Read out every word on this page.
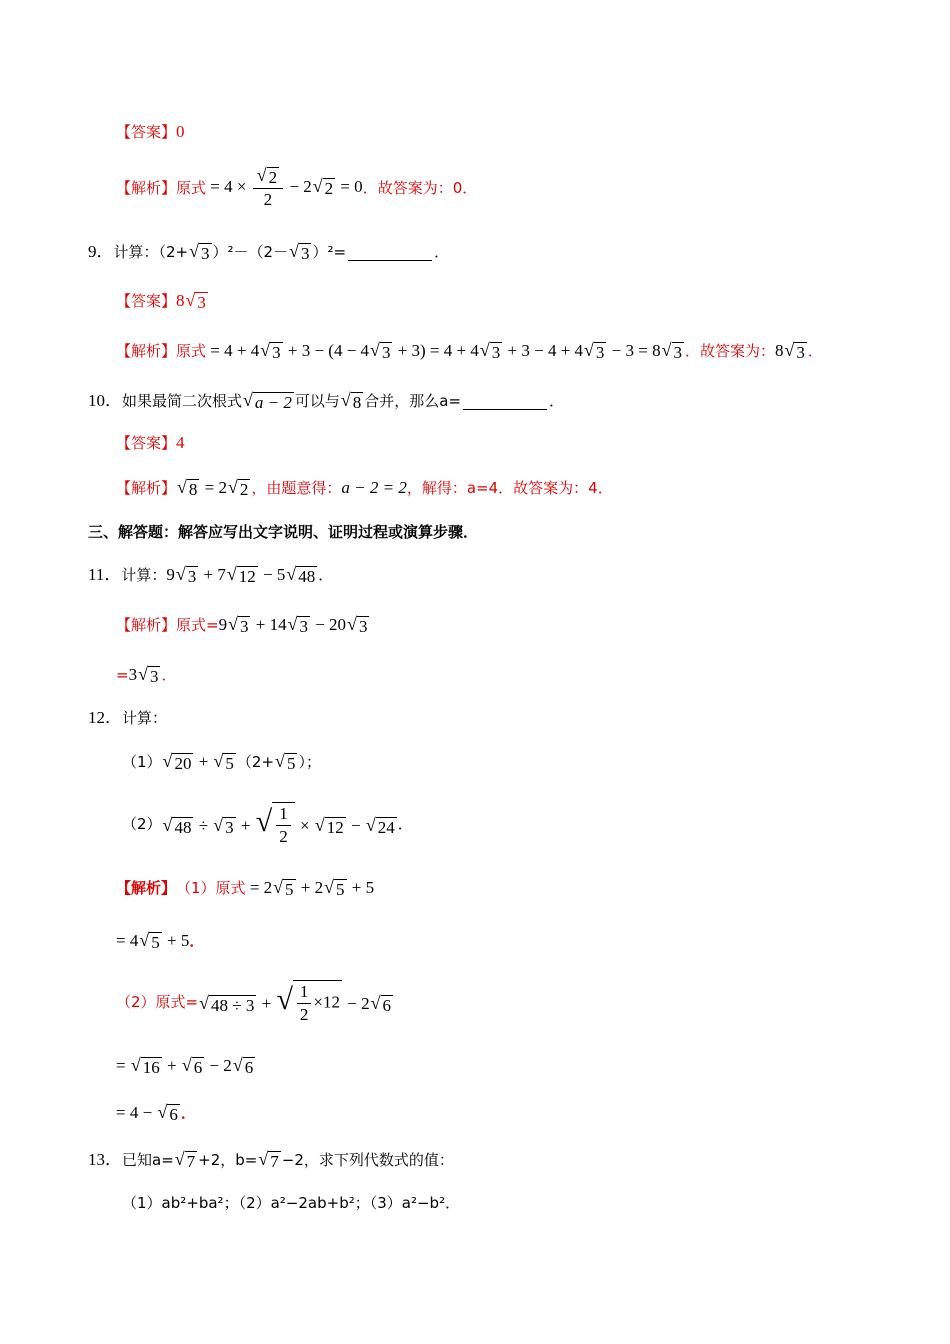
【答案】 0
【解析】 原式 = $4 \times \frac{√ 2}{2} - 2$ √ 2 = 0 ．故答案为：0．
9． 计算：（2+ √ 3 ）²－（2－ √ 3 ）²=	．
【答案】 8 √ 3
【解析】 原式 = 4 + 4 √ 3 + 3 − (4 − 4 √ 3 + 3) = 4 + 4 √ 3 + 3 − 4 + 4 √ 3 − 3 = 8 √ 3 ．故答案为： 8 √ 3 ．
10． 如果最简二次根式 √ a − 2 可以与 √ 8 合并，那么a=	．
【答案】 4
【解析】 √ 8 = 2 √ 2 ，由题意得： a − 2 = 2 ，解得：a=4．故答案为：4．
三、解答题：解答应写出文字说明、证明过程或演算步骤．
11． 计算： 9 √ 3 + 7 √ 12 − 5 √ 48 ．
【解析】 原式= 9 √ 3 + 14 √ 3 − 20 √ 3
= 3 √ 3 ．
12． 计算：
（1） √ 20 + √ 5 （2+ √ 5 ）；
（2） √ 48 ÷ √ 3 + √ $\frac{1}{2}$ × √ 12 − √ 24 ．
【解析】 （1）原式 = 2 √ 5 + 2 √ 5 + 5
= 4 √ 5 + 5 ．
（2）原式= √ 48 ÷ 3 + √ $\frac{1}{2} \times 12 - 2$ √ 6
= √ 16 + √ 6 − 2 √ 6
= 4 − √ 6 ．
13． 已知a= √ 7 +2，b= √ 7 −2，求下列代数式的值：
（1）ab²+ba²；（2）a²−2ab+b²；（3）a²−b²．
